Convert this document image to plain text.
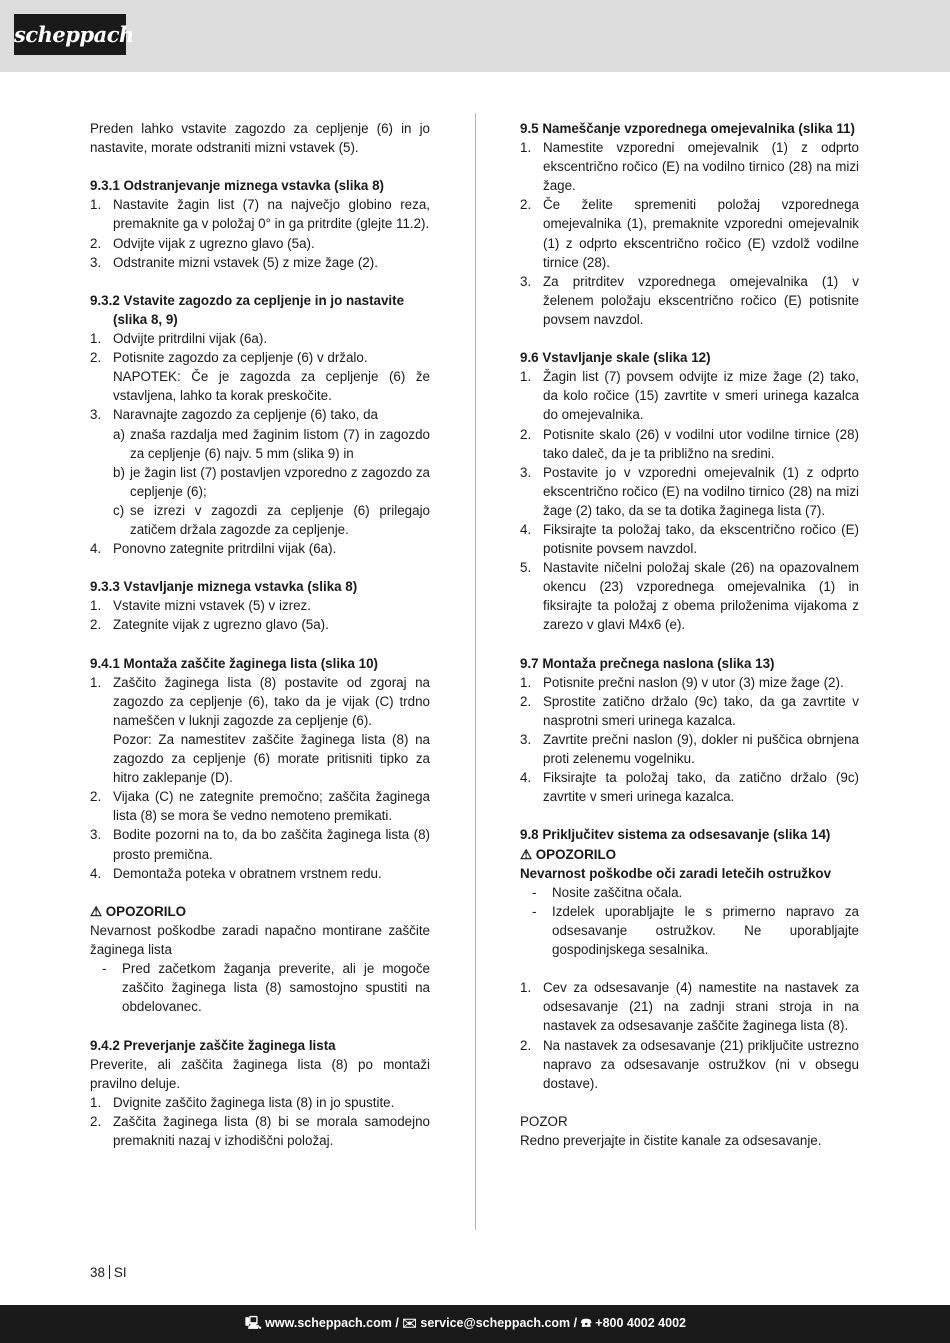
scheppach
Preden lahko vstavite zagozdo za cepljenje (6) in jo nastavite, morate odstraniti mizni vstavek (5).
9.3.1 Odstranjevanje miznega vstavka (slika 8)
1. Nastavite žagin list (7) na največjo globino reza, premaknite ga v položaj 0° in ga pritrdite (glejte 11.2).
2. Odvijte vijak z ugrezno glavo (5a).
3. Odstranite mizni vstavek (5) z mize žage (2).
9.3.2 Vstavite zagozdo za cepljenje in jo nastavite (slika 8, 9)
1. Odvijte pritrdilni vijak (6a).
2. Potisnite zagozdo za cepljenje (6) v držalo.
NAPOTEK: Če je zagozda za cepljenje (6) že vstavljena, lahko ta korak preskočite.
3. Naravnajte zagozdo za cepljenje (6) tako, da
a) znaša razdalja med žaginim listom (7) in zagozdo za cepljenje (6) najv. 5 mm (slika 9) in
b) je žagin list (7) postavljen vzporedno z zagozdo za cepljenje (6);
c) se izrezi v zagozdi za cepljenje (6) prilegajo zatičem držala zagozde za cepljenje.
4. Ponovno zategnite pritrdilni vijak (6a).
9.3.3 Vstavljanje miznega vstavka (slika 8)
1. Vstavite mizni vstavek (5) v izrez.
2. Zategnite vijak z ugrezno glavo (5a).
9.4.1 Montaža zaščite žaginega lista (slika 10)
1. Zaščito žaginega lista (8) postavite od zgoraj na zagozdo za cepljenje (6), tako da je vijak (C) trdno nameščen v luknji zagozde za cepljenje (6).
Pozor: Za namestitev zaščite žaginega lista (8) na zagozdo za cepljenje (6) morate pritisniti tipko za hitro zaklepanje (D).
2. Vijaka (C) ne zategnite premočno; zaščita žaginega lista (8) se mora še vedno nemoteno premikati.
3. Bodite pozorni na to, da bo zaščita žaginega lista (8) prosto premična.
4. Demontaža poteka v obratnem vrstnem redu.
⚠ OPOZORILO
Nevarnost poškodbe zaradi napačno montirane zaščite žaginega lista
-	Pred začetkom žaganja preverite, ali je mogoče zaščito žaginega lista (8) samostojno spustiti na obdelovanec.
9.4.2 Preverjanje zaščite žaginega lista
Preverite, ali zaščita žaginega lista (8) po montaži pravilno deluje.
1. Dvignite zaščito žaginega lista (8) in jo spustite.
2. Zaščita žaginega lista (8) bi se morala samodejno premakniti nazaj v izhodiščni položaj.
9.5 Nameščanje vzporednega omejevalnika (slika 11)
1. Namestite vzporedni omejevalnik (1) z odprto ekscentrično ročico (E) na vodilno tirnico (28) na mizi žage.
2. Če želite spremeniti položaj vzporednega omejevalnika (1), premaknite vzporedni omejevalnik (1) z odprto ekscentrično ročico (E) vzdolž vodilne tirnice (28).
3. Za pritrditev vzporednega omejevalnika (1) v želenem položaju ekscentrično ročico (E) potisnite povsem navzdol.
9.6 Vstavljanje skale (slika 12)
1. Žagin list (7) povsem odvijte iz mize žage (2) tako, da kolo ročice (15) zavrtite v smeri urinega kazalca do omejevalnika.
2. Potisnite skalo (26) v vodilni utor vodilne tirnice (28) tako daleč, da je ta približno na sredini.
3. Postavite jo v vzporedni omejevalnik (1) z odprto ekscentrično ročico (E) na vodilno tirnico (28) na mizi žage (2) tako, da se ta dotika žaginega lista (7).
4. Fiksirajte ta položaj tako, da ekscentrično ročico (E) potisnite povsem navzdol.
5. Nastavite ničelni položaj skale (26) na opazovalnem okencu (23) vzporednega omejevalnika (1) in fiksirajte ta položaj z obema priloženima vijakoma z zarezo v glavi M4x6 (e).
9.7 Montaža prečnega naslona (slika 13)
1. Potisnite prečni naslon (9) v utor (3) mize žage (2).
2. Sprostite zatično držalo (9c) tako, da ga zavrtite v nasprotni smeri urinega kazalca.
3. Zavrtite prečni naslon (9), dokler ni puščica obrnjena proti zelenemu vogelniku.
4. Fiksirajte ta položaj tako, da zatično držalo (9c) zavrtite v smeri urinega kazalca.
9.8 Priključitev sistema za odsesavanje (slika 14)
⚠ OPOZORILO
Nevarnost poškodbe oči zaradi letečih ostružkov
-	Nosite zaščitna očala.
-	Izdelek uporabljajte le s primerno napravo za odsesavanje ostružkov. Ne uporabljajte gospodinjskega sesalnika.
1. Cev za odsesavanje (4) namestite na nastavek za odsesavanje (21) na zadnji strani stroja in na nastavek za odsesavanje zaščite žaginega lista (8).
2. Na nastavek za odsesavanje (21) priključite ustrezno napravo za odsesavanje ostružkov (ni v obsegu dostave).
POZOR
Redno preverjajte in čistite kanale za odsesavanje.
38 SI
🖳 www.scheppach.com / ✉ service@scheppach.com / ☎ +800 4002 4002
